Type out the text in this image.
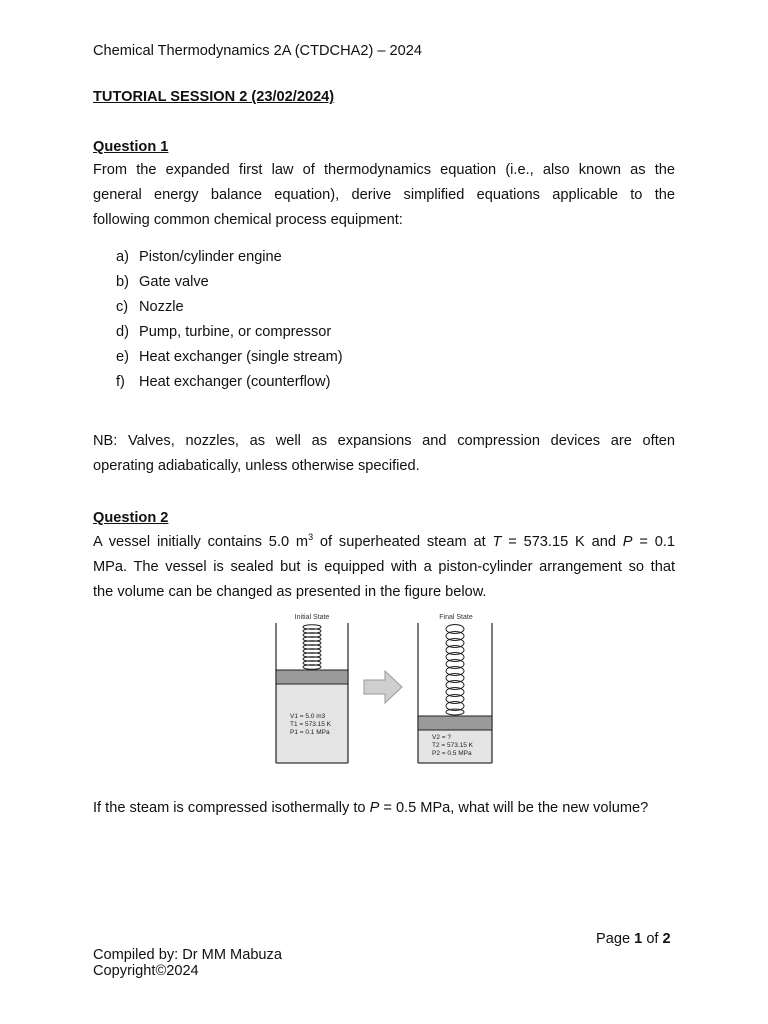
Chemical Thermodynamics 2A (CTDCHA2) – 2024
TUTORIAL SESSION 2 (23/02/2024)
Question 1
From the expanded first law of thermodynamics equation (i.e., also known as the
general energy balance equation), derive simplified equations applicable to the
following common chemical process equipment:
a) Piston/cylinder engine
b) Gate valve
c) Nozzle
d) Pump, turbine, or compressor
e) Heat exchanger (single stream)
f) Heat exchanger (counterflow)
NB: Valves, nozzles, as well as expansions and compression devices are often
operating adiabatically, unless otherwise specified.
Question 2
A vessel initially contains 5.0 $m^3$ of superheated steam at T = 573.15 K and P = 0.1
MPa. The vessel is sealed but is equipped with a piston-cylinder arrangement so that
the volume can be changed as presented in the figure below.
Initial State
V1 = 5.0 m3
T1 = 573.15 K
P1 = 0.1 MPa
Final State
V2 = ?
T2 = 573.15 K
P2 = 0.5 MPa
If the steam is compressed isothermally to P = 0.5 MPa, what will be the new volume?
Page 1 of 2
Compiled by: Dr MM Mabuza
Copyright©2024
